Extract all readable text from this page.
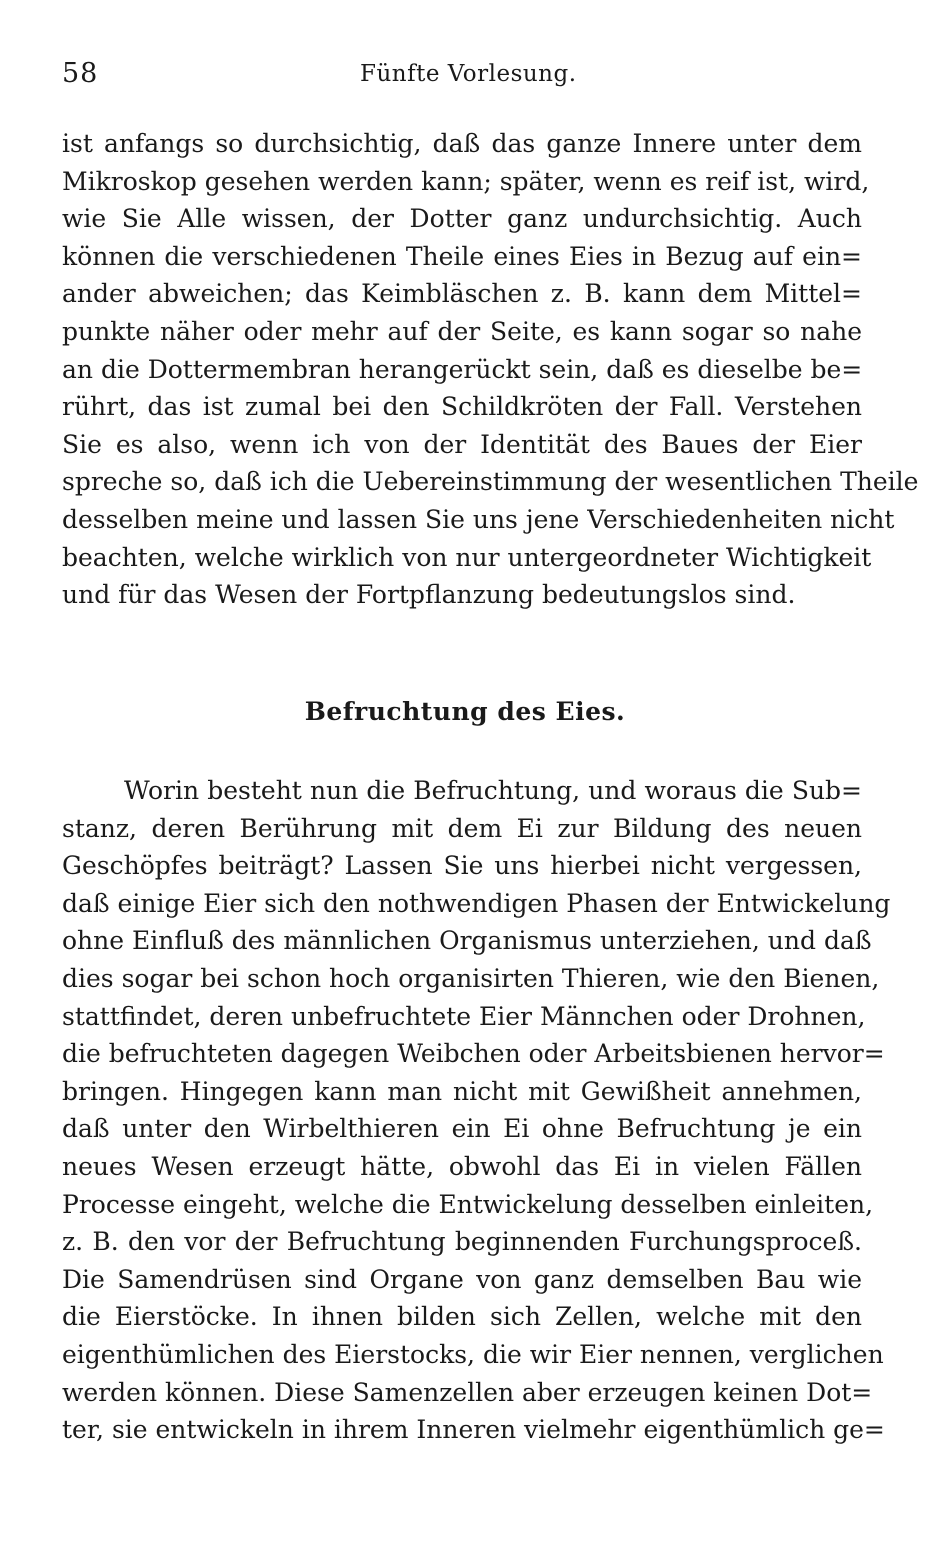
58	Fünfte Vorlesung.
ist anfangs so durchsichtig, daß das ganze Innere unter dem
Mikroskop gesehen werden kann; später, wenn es reif ist, wird,
wie Sie Alle wissen, der Dotter ganz undurchsichtig. Auch
können die verschiedenen Theile eines Eies in Bezug auf ein=
ander abweichen; das Keimbläschen z. B. kann dem Mittel=
punkte näher oder mehr auf der Seite, es kann sogar so nahe
an die Dottermembran herangerückt sein, daß es dieselbe be=
rührt, das ist zumal bei den Schildkröten der Fall. Verstehen
Sie es also, wenn ich von der Identität des Baues der Eier
spreche so, daß ich die Uebereinstimmung der wesentlichen Theile
desselben meine und lassen Sie uns jene Verschiedenheiten nicht
beachten, welche wirklich von nur untergeordneter Wichtigkeit
und für das Wesen der Fortpflanzung bedeutungslos sind.
Befruchtung des Eies.
Worin besteht nun die Befruchtung, und woraus die Sub=
stanz, deren Berührung mit dem Ei zur Bildung des neuen
Geschöpfes beiträgt? Lassen Sie uns hierbei nicht vergessen,
daß einige Eier sich den nothwendigen Phasen der Entwickelung
ohne Einfluß des männlichen Organismus unterziehen, und daß
dies sogar bei schon hoch organisirten Thieren, wie den Bienen,
stattfindet, deren unbefruchtete Eier Männchen oder Drohnen,
die befruchteten dagegen Weibchen oder Arbeitsbienen hervor=
bringen. Hingegen kann man nicht mit Gewißheit annehmen,
daß unter den Wirbelthieren ein Ei ohne Befruchtung je ein
neues Wesen erzeugt hätte, obwohl das Ei in vielen Fällen
Processe eingeht, welche die Entwickelung desselben einleiten,
z. B. den vor der Befruchtung beginnenden Furchungsproceß.
Die Samendrüsen sind Organe von ganz demselben Bau wie
die Eierstöcke. In ihnen bilden sich Zellen, welche mit den
eigenthümlichen des Eierstocks, die wir Eier nennen, verglichen
werden können. Diese Samenzellen aber erzeugen keinen Dot=
ter, sie entwickeln in ihrem Inneren vielmehr eigenthümlich ge=
